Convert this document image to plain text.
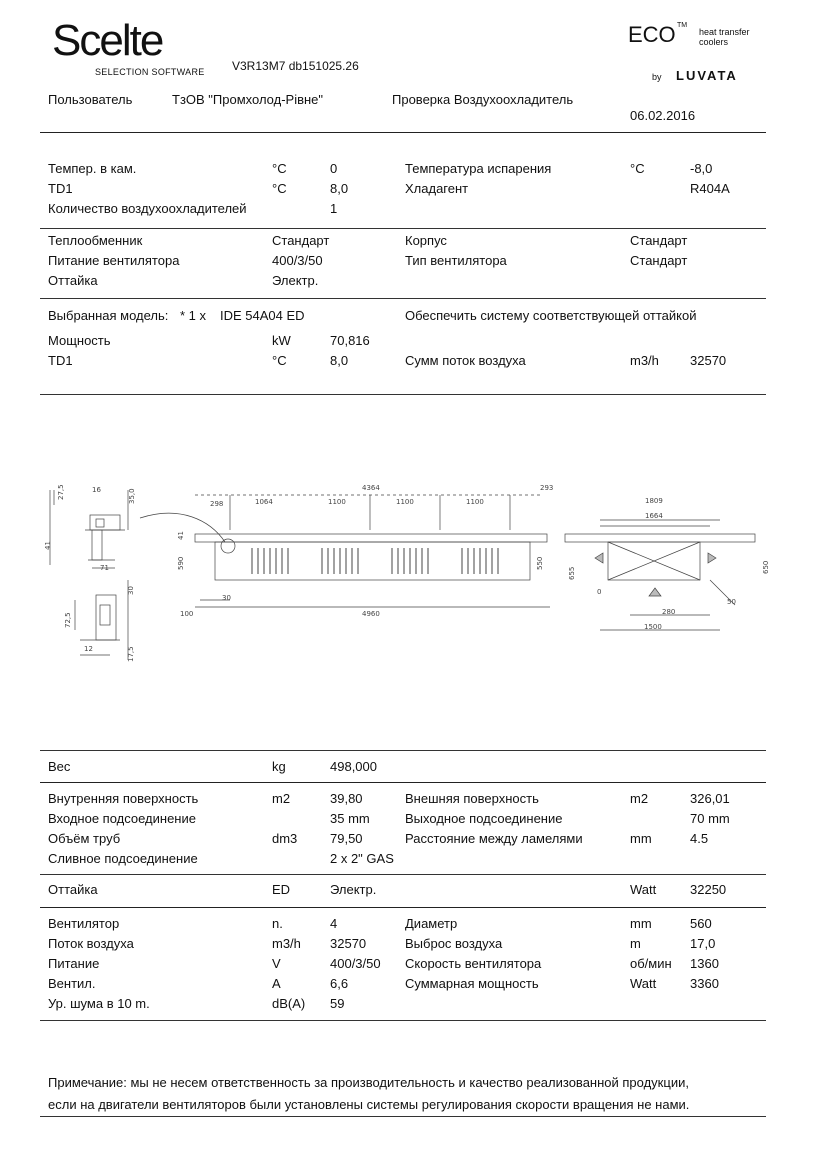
Scelte
SELECTION SOFTWARE V3R13M7 db151025.26
ECO TM
heat transfer
coolers
by LUVATA
Пользователь	ТзОВ "Промхолод-Рівне"	Проверка Воздухоохладитель
06.02.2016
Темпер. в кам.	°C	0	Температура испарения	°C	-8,0
TD1	°C	8,0	Хладагент	R404A
Количество воздухоохладителей	1
Теплообменник	Стандарт	Корпус	Стандарт
Питание вентилятора	400/3/50	Тип вентилятора	Стандарт
Оттайка	Электр.
Выбранная модель: * 1 x IDE 54A04 ED	Обеспечить систему соответствующей оттайкой
Мощность	kW	70,816
TD1	°C	8,0	Сумм поток воздуха	m3/h 32570
27,5	16	35,0
41
71
72,5
30
12	17,5
298
4364	293
1064	1100	1100	1100
41
590	550
30
100	4960
1809
1664
655	650
0
50
280
1500
Вес	kg	498,000
Внутренняя поверхность	m2	39,80	Внешняя поверхность	m2	326,01
Входное подсоединение	35 mm	Выходное подсоединение	70 mm
Объём труб	dm3	79,50	Расстояние между ламелями	mm	4.5
Сливное подсоединение	2 x 2" GAS
Оттайка	ED	Электр.	Watt	32250
Вентилятор	n.	4	Диаметр	mm	560
Поток воздуха	m3/h 32570	Выброс воздуха	m	17,0
Питание	V	400/3/50 Скорость вентилятора	об/мин 1360
Вентил.	A	6,6	Суммарная мощность	Watt	3360
Ур. шума в 10 m.	dB(A) 59
Примечание: мы не несем ответственность за производительность и качество реализованной продукции,
если на двигатели вентиляторов были установлены системы регулирования скорости вращения не нами.
